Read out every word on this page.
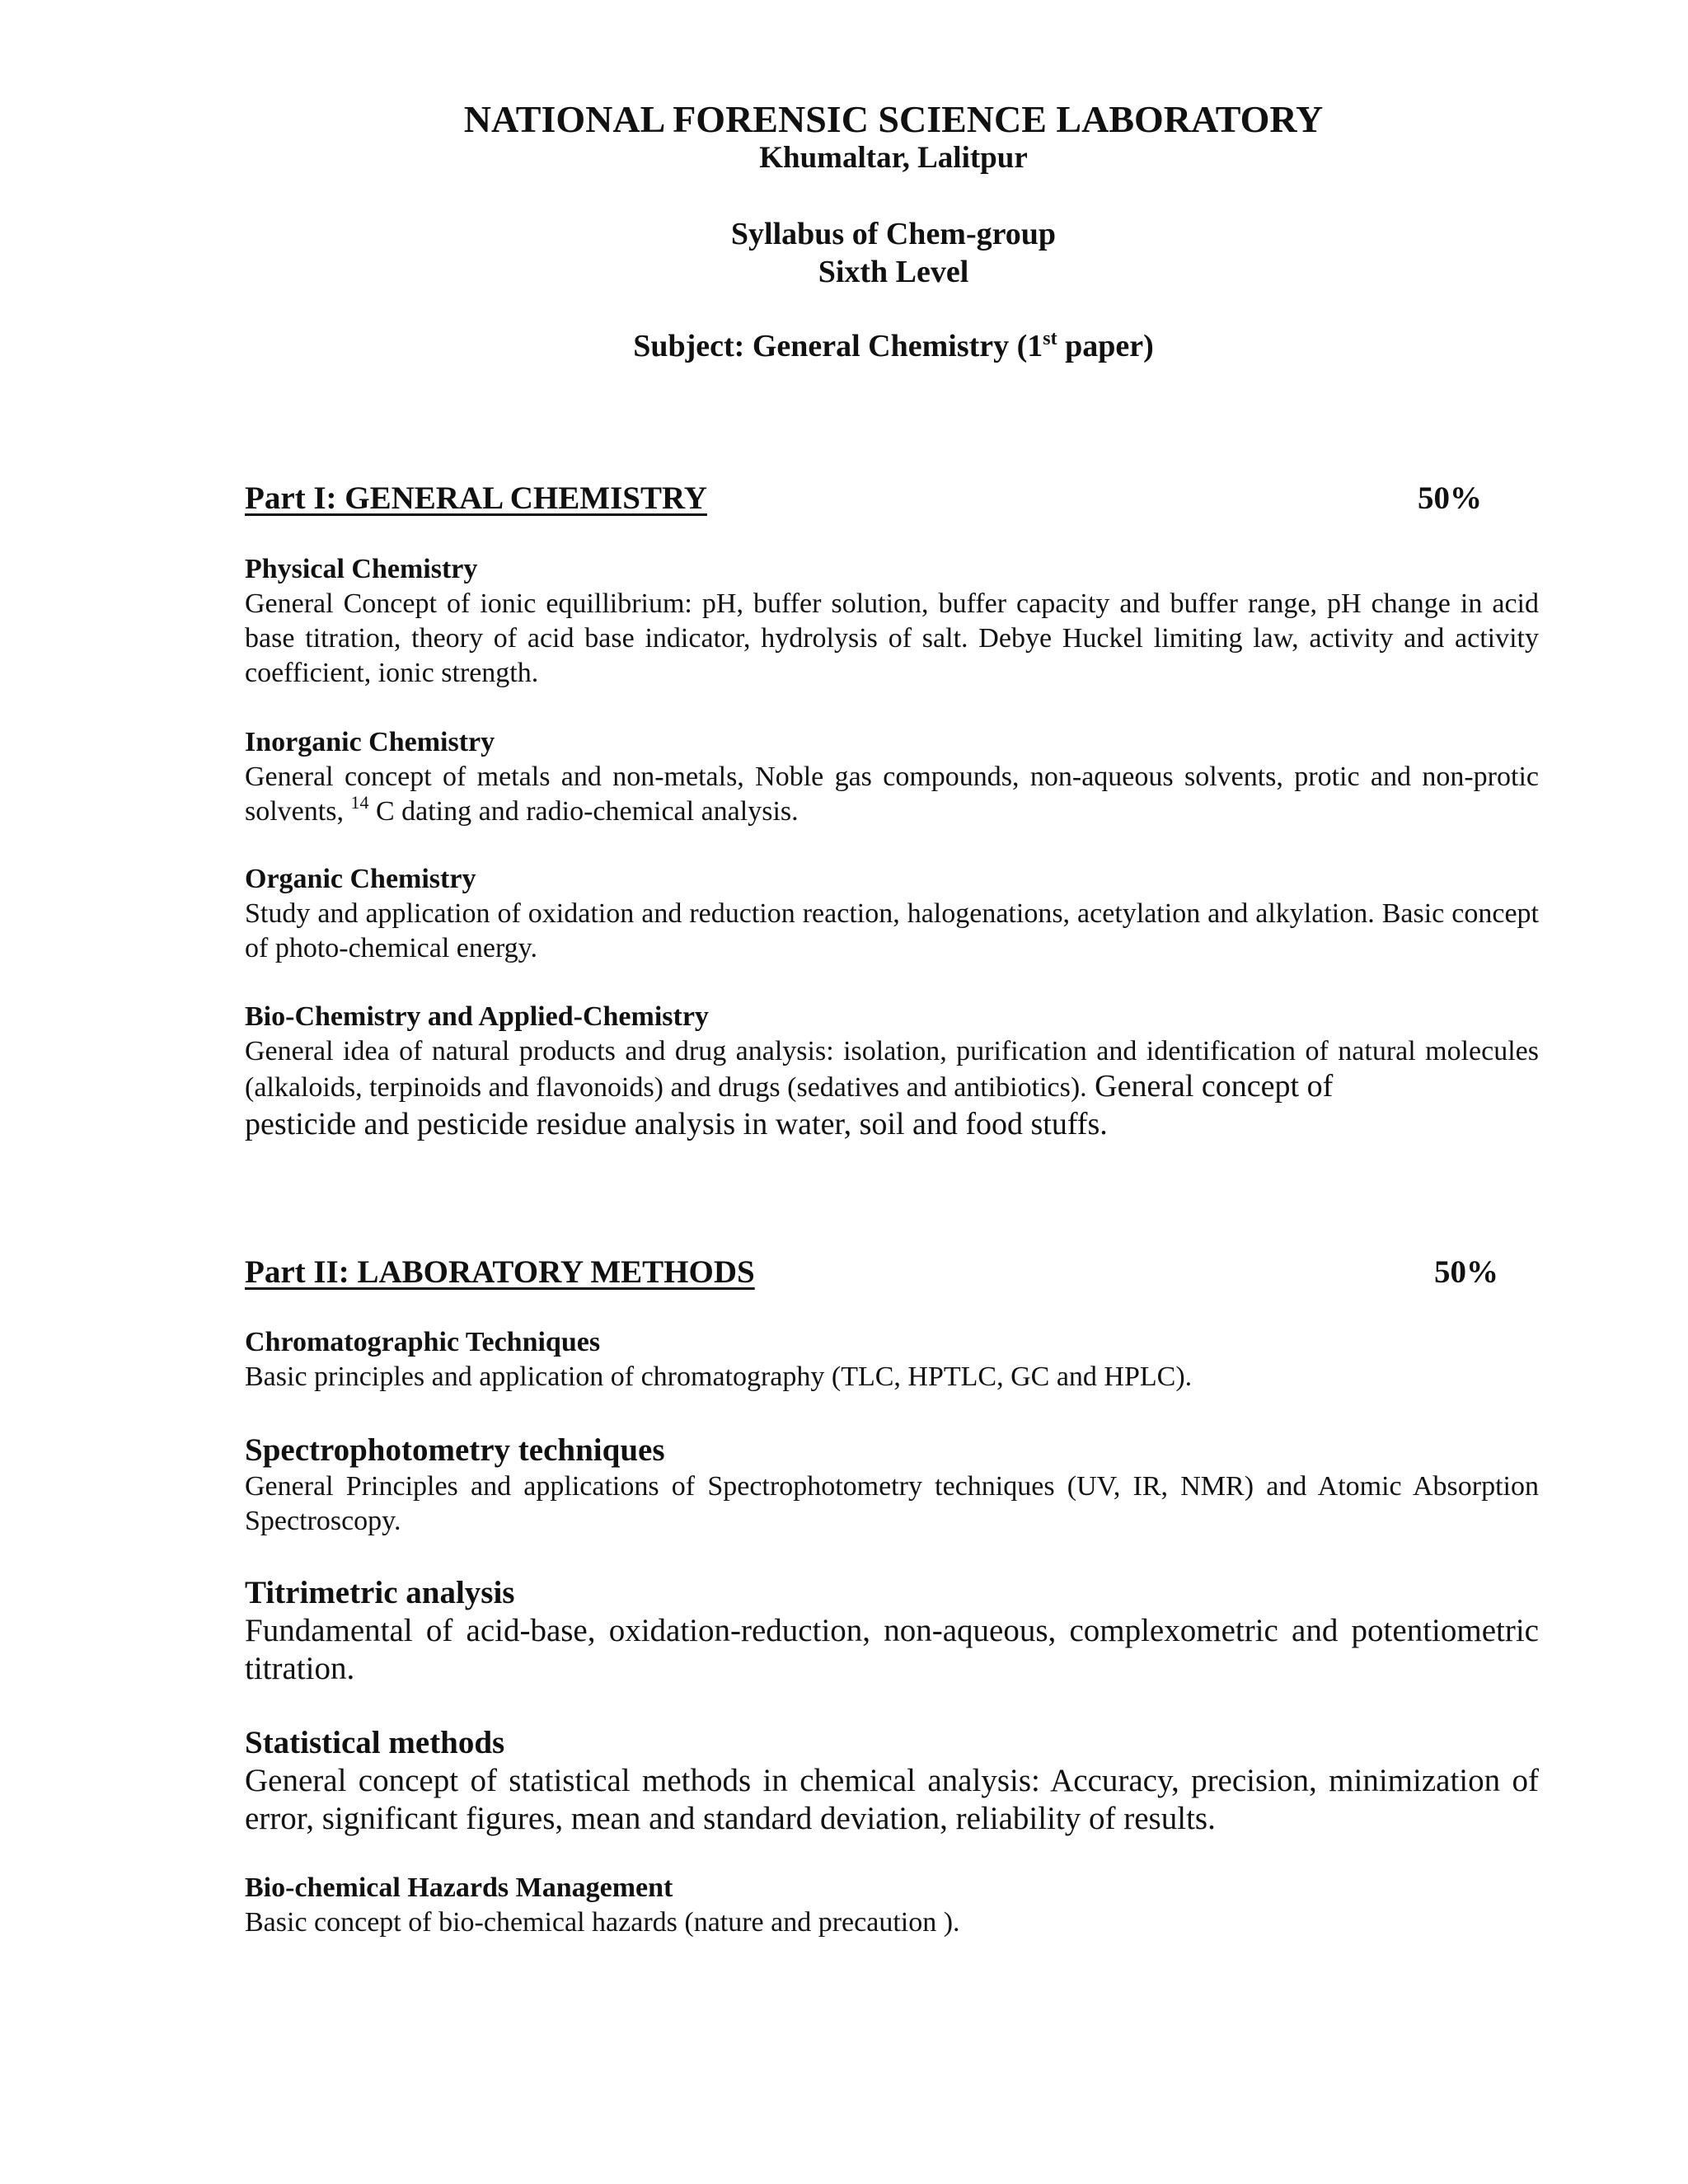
NATIONAL FORENSIC SCIENCE LABORATORY
Khumaltar, Lalitpur
Syllabus of Chem-group
Sixth Level
Subject: General Chemistry (1st paper)
Part I: GENERAL CHEMISTRY	50%

Physical Chemistry

General Concept of ionic equillibrium: pH, buffer solution, buffer capacity and buffer range, pH change in acid base titration, theory of acid base indicator, hydrolysis of salt. Debye Huckel limiting law, activity and activity coefficient, ionic strength.

Inorganic Chemistry

General concept of metals and non-metals, Noble gas compounds, non-aqueous solvents, protic and non-protic solvents, $^{14}$ C dating and radio-chemical analysis.

Organic Chemistry

Study and application of oxidation and reduction reaction, halogenations, acetylation and alkylation. Basic concept of photo-chemical energy.

Bio-Chemistry and Applied-Chemistry

General idea of natural products and drug analysis: isolation, purification and identification of natural molecules (alkaloids, terpinoids and flavonoids) and drugs (sedatives and antibiotics). General concept of
pesticide and pesticide residue analysis in water, soil and food stuffs.

Part II: LABORATORY METHODS	50%

Chromatographic Techniques

Basic principles and application of chromatography (TLC, HPTLC, GC and HPLC).

Spectrophotometry techniques

General Principles and applications of Spectrophotometry techniques (UV, IR, NMR) and Atomic Absorption Spectroscopy.

Titrimetric analysis

Fundamental of acid-base, oxidation-reduction, non-aqueous, complexometric and potentiometric titration.

Statistical methods

General concept of statistical methods in chemical analysis: Accuracy, precision, minimization of error, significant figures, mean and standard deviation, reliability of results.

Bio-chemical Hazards Management

Basic concept of bio-chemical hazards (nature and precaution ).
